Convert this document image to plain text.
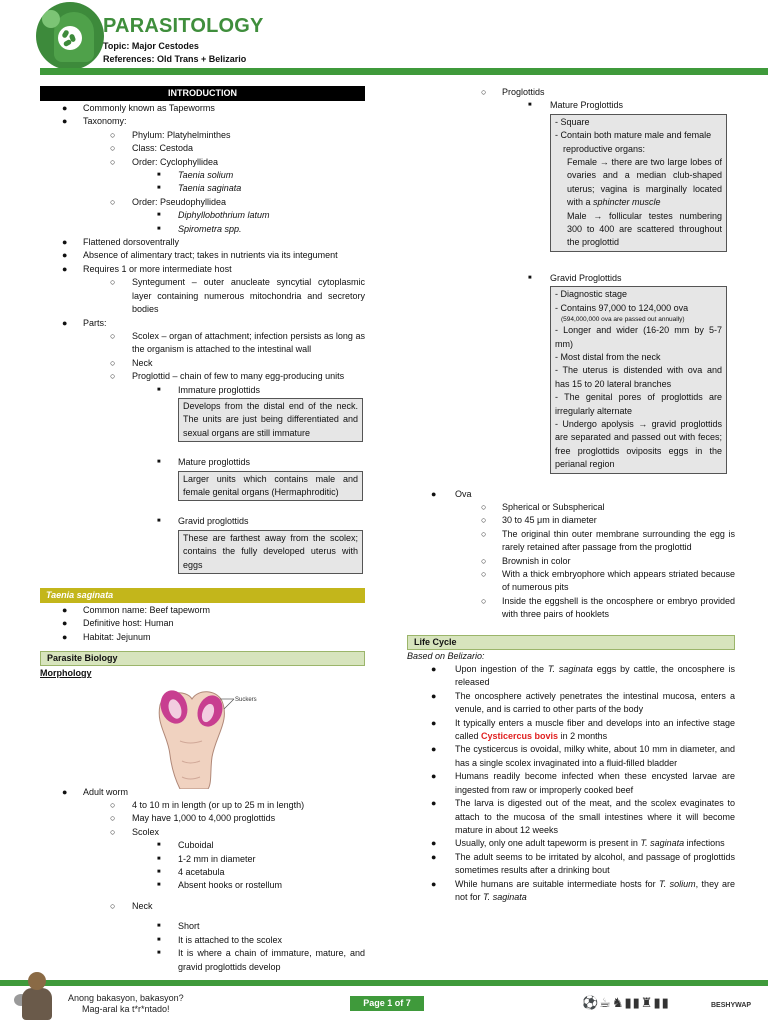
PARASITOLOGY
Topic: Major Cestodes
References: Old Trans + Belizario
INTRODUCTION
● Commonly known as Tapeworms
● Taxonomy:
○ Phylum: Platyhelminthes
○ Class: Cestoda
○ Order: Cyclophyllidea
■ Taenia solium
■ Taenia saginata
○ Order: Pseudophyllidea
■ Diphyllobothrium latum
■ Spirometra spp.
● Flattened dorsoventrally
● Absence of alimentary tract; takes in nutrients via its integument
● Requires 1 or more intermediate host
○ Syntegument – outer anucleate syncytial cytoplasmic layer containing numerous mitochondria and secretory bodies
● Parts:
○ Scolex – organ of attachment; infection persists as long as the organism is attached to the intestinal wall
○ Neck
○ Proglottid – chain of few to many egg-producing units
■ Immature proglottids
Develops from the distal end of the neck. The units are just being differentiated and sexual organs are still immature
■ Mature proglottids
Larger units which contains male and female genital organs (Hermaphroditic)
■ Gravid proglottids
These are farthest away from the scolex; contains the fully developed uterus with eggs
Taenia saginata
● Common name: Beef tapeworm
● Definitive host: Human
● Habitat: Jejunum
Parasite Biology
Morphology
Suckers
● Adult worm
○ 4 to 10 m in length (or up to 25 m in length)
○ May have 1,000 to 4,000 proglottids
○ Scolex
■ Cuboidal
■ 1-2 mm in diameter
■ 4 acetabula
■ Absent hooks or rostellum
○ Neck
■ Short
■ It is attached to the scolex
■ It is where a chain of immature, mature, and gravid proglottids develop
○ Proglottids
■ Mature Proglottids
- Square
- Contain both mature male and female reproductive organs:
Female → there are two large lobes of ovaries and a median club-shaped uterus; vagina is marginally located with a sphincter muscle
Male → follicular testes numbering 300 to 400 are scattered throughout the proglottid
■ Gravid Proglottids
- Diagnostic stage
- Contains 97,000 to 124,000 ova
(594,000,000 ova are passed out annually)
- Longer and wider (16-20 mm by 5-7 mm)
- Most distal from the neck
- The uterus is distended with ova and has 15 to 20 lateral branches
- The genital pores of proglottids are irregularly alternate
- Undergo apolysis → gravid proglottids are separated and passed out with feces; free proglottids oviposits eggs in the perianal region
● Ova
○ Spherical or Subspherical
○ 30 to 45 μm in diameter
○ The original thin outer membrane surrounding the egg is rarely retained after passage from the proglottid
○ Brownish in color
○ With a thick embryophore which appears striated because of numerous pits
○ Inside the eggshell is the oncosphere or embryo provided with three pairs of hooklets
Life Cycle
Based on Belizario:
● Upon ingestion of the T. saginata eggs by cattle, the oncosphere is released
● The oncosphere actively penetrates the intestinal mucosa, enters a venule, and is carried to other parts of the body
● It typically enters a muscle fiber and develops into an infective stage called Cysticercus bovis in 2 months
● The cysticercus is ovoidal, milky white, about 10 mm in diameter, and has a single scolex invaginated into a fluid-filled bladder
● Humans readily become infected when these encysted larvae are ingested from raw or improperly cooked beef
● The larva is digested out of the meat, and the scolex evaginates to attach to the mucosa of the small intestines where it will become mature in about 12 weeks
● Usually, only one adult tapeworm is present in T. saginata infections
● The adult seems to be irritated by alcohol, and passage of proglottids sometimes results after a drinking bout
● While humans are suitable intermediate hosts for T. solium, they are not for T. saginata
Anong bakasyon, bakasyon?
Mag-aral ka t*r*ntado!
Page 1 of 7	⚽☕♞▮▮♜▮▮	BESHYWAP
